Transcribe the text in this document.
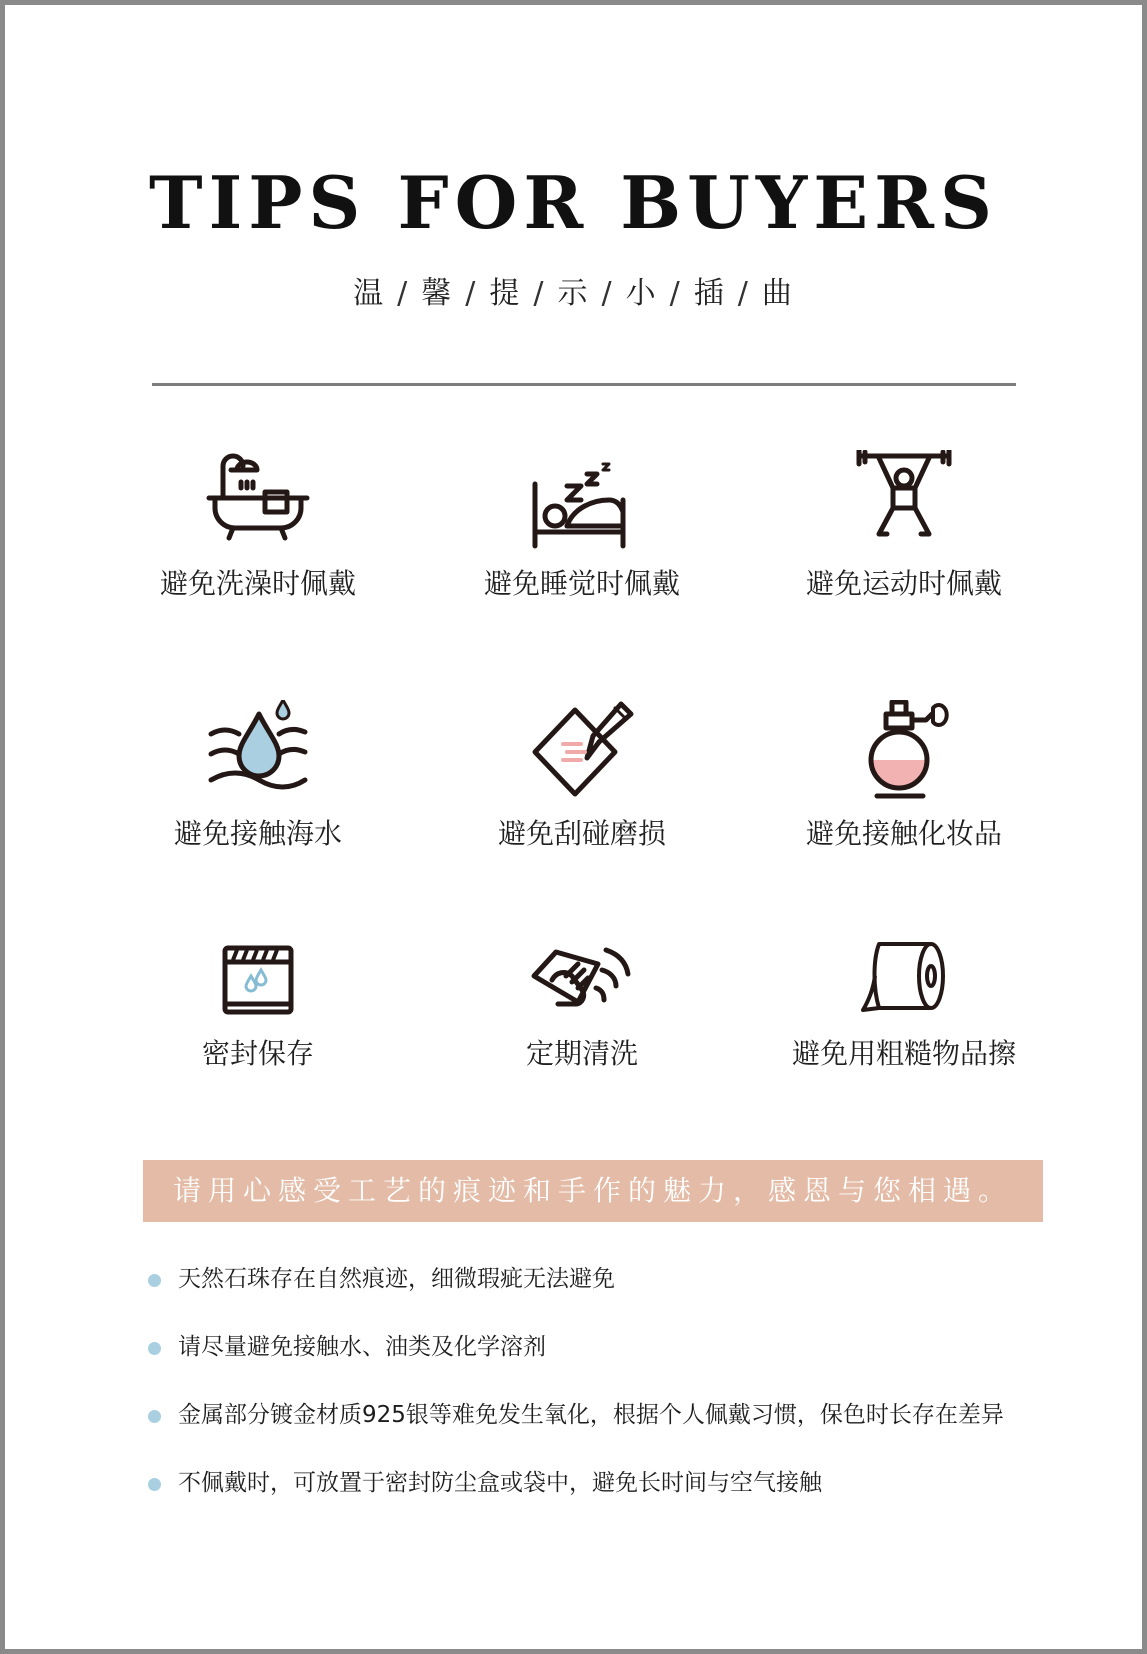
TIPS FOR BUYERS
温 / 馨 / 提 / 示 / 小 / 插 / 曲
避免洗澡时佩戴	避免睡觉时佩戴	避免运动时佩戴
避免接触海水	避免刮碰磨损	避免接触化妆品
密封保存	定期清洗	避免用粗糙物品擦
请用心感受工艺的痕迹和手作的魅力，感恩与您相遇。
天然石珠存在自然痕迹，细微瑕疵无法避免
请尽量避免接触水、油类及化学溶剂
金属部分镀金材质925银等难免发生氧化，根据个人佩戴习惯，保色时长存在差异
不佩戴时，可放置于密封防尘盒或袋中，避免长时间与空气接触
